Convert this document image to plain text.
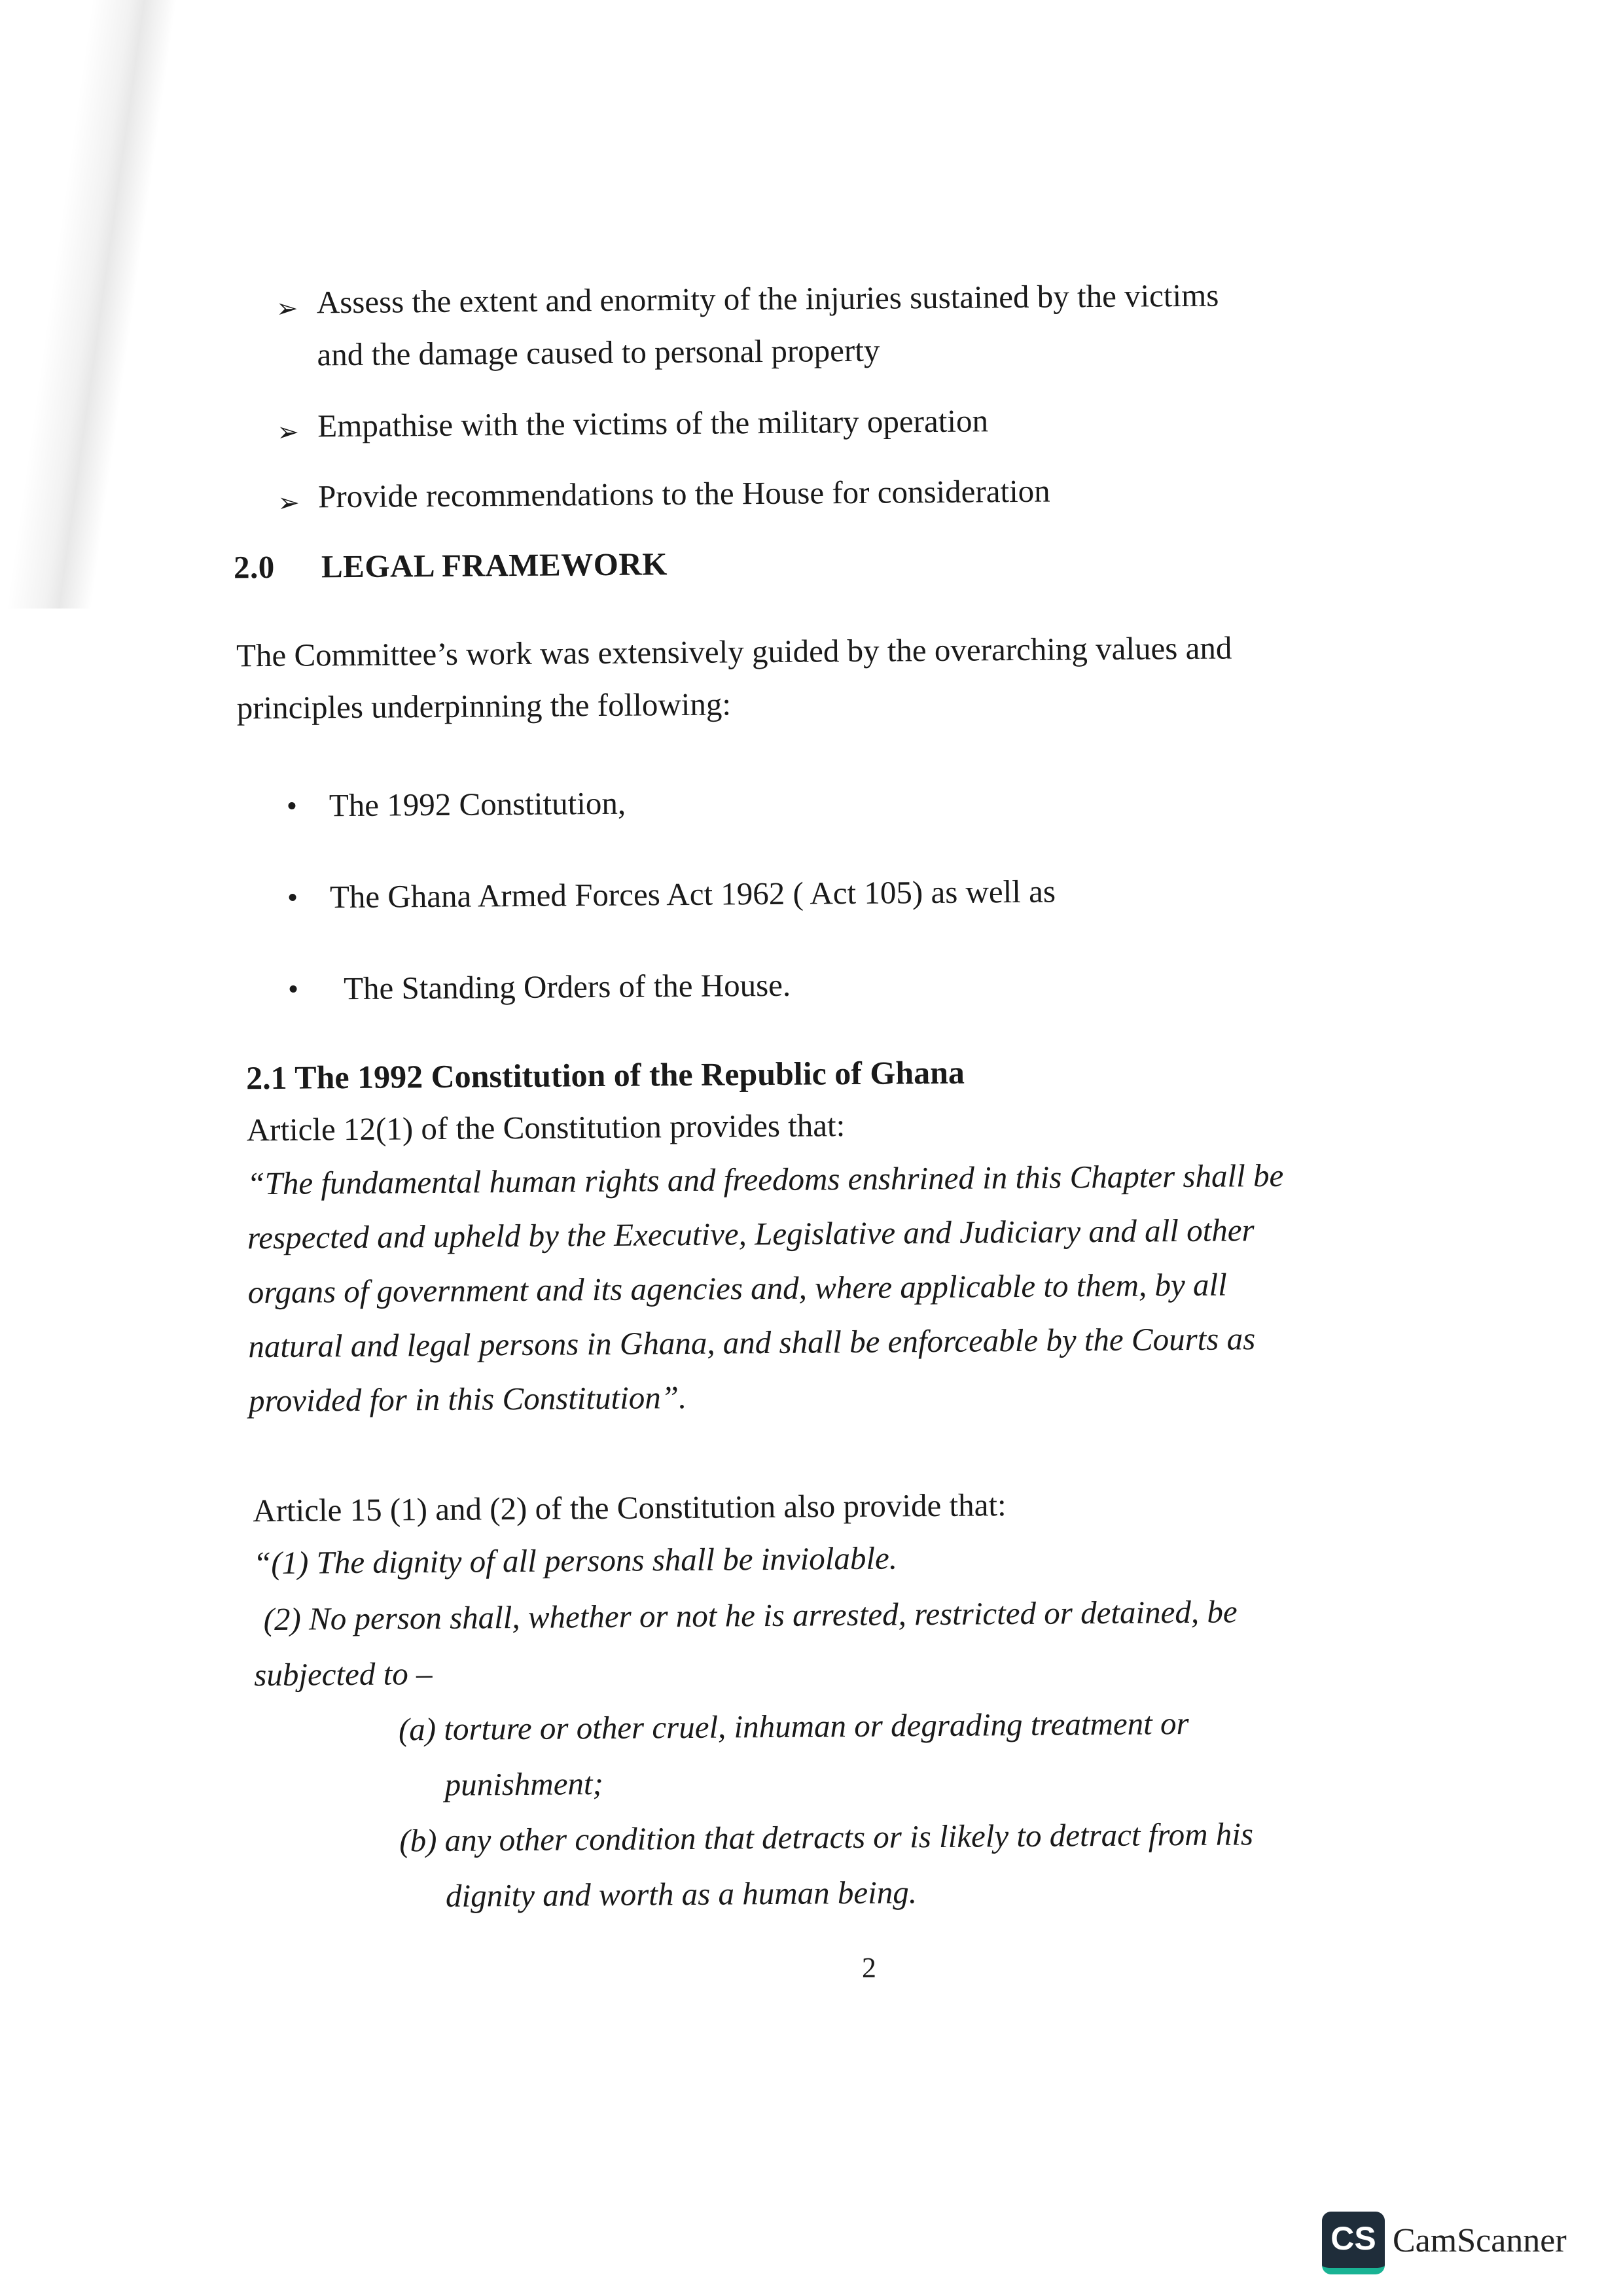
➢ Assess the extent and enormity of the injuries sustained by the victims
and the damage caused to personal property
➢ Empathise with the victims of the military operation
➢ Provide recommendations to the House for consideration
2.0 LEGAL FRAMEWORK
The Committee’s work was extensively guided by the overarching values and
principles underpinning the following:
• The 1992 Constitution,
• The Ghana Armed Forces Act 1962 ( Act 105) as well as
• The Standing Orders of the House.
2.1 The 1992 Constitution of the Republic of Ghana
Article 12(1) of the Constitution provides that:
“The fundamental human rights and freedoms enshrined in this Chapter shall be
respected and upheld by the Executive, Legislative and Judiciary and all other
organs of government and its agencies and, where applicable to them, by all
natural and legal persons in Ghana, and shall be enforceable by the Courts as
provided for in this Constitution”.
Article 15 (1) and (2) of the Constitution also provide that:
“(1) The dignity of all persons shall be inviolable.
(2) No person shall, whether or not he is arrested, restricted or detained, be
subjected to –
(a) torture or other cruel, inhuman or degrading treatment or
punishment;
(b) any other condition that detracts or is likely to detract from his
dignity and worth as a human being.
2
CS CamScanner
